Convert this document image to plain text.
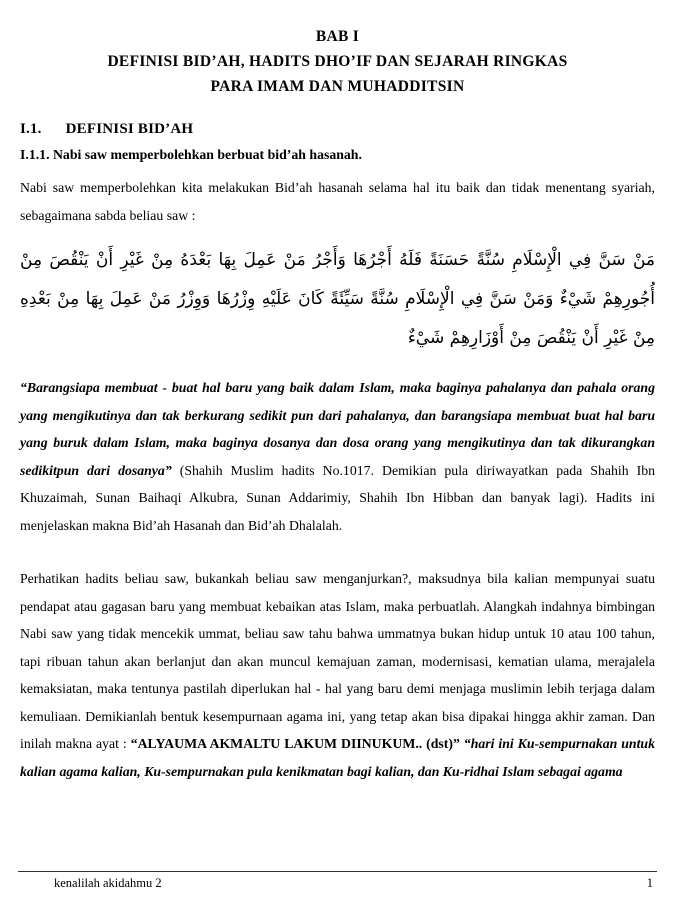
BAB I
DEFINISI BID’AH, HADITS DHO’IF DAN SEJARAH RINGKAS
PARA IMAM DAN MUHADDITSIN
I.1. DEFINISI BID’AH
I.1.1. Nabi saw memperbolehkan berbuat bid’ah hasanah.

Nabi saw memperbolehkan kita melakukan Bid’ah hasanah selama hal itu baik dan tidak menentang syariah, sebagaimana sabda beliau saw :

مَنْ سَنَّ فِي الْإِسْلَامِ سُنَّةً حَسَنَةً فَلَهُ أَجْرُهَا وَأَجْرُ مَنْ عَمِلَ بِهَا بَعْدَهُ مِنْ غَيْرِ أَنْ يَنْقُصَ مِنْ أُجُورِهِمْ شَيْءٌ وَمَنْ سَنَّ فِي الْإِسْلَامِ سُنَّةً سَيِّئَةً كَانَ عَلَيْهِ وِزْرُهَا وَوِزْرُ مَنْ عَمِلَ بِهَا مِنْ بَعْدِهِ مِنْ غَيْرِ أَنْ يَنْقُصَ مِنْ أَوْزَارِهِمْ شَيْءٌ

“Barangsiapa membuat - buat hal baru yang baik dalam Islam, maka baginya pahalanya dan pahala orang yang mengikutinya dan tak berkurang sedikit pun dari pahalanya, dan barangsiapa membuat buat hal baru yang buruk dalam Islam, maka baginya dosanya dan dosa orang yang mengikutinya dan tak dikurangkan sedikitpun dari dosanya” (Shahih Muslim hadits No.1017. Demikian pula diriwayatkan pada Shahih Ibn Khuzaimah, Sunan Baihaqi Alkubra, Sunan Addarimiy, Shahih Ibn Hibban dan banyak lagi). Hadits ini menjelaskan makna Bid’ah Hasanah dan Bid’ah Dhalalah.

Perhatikan hadits beliau saw, bukankah beliau saw menganjurkan?, maksudnya bila kalian mempunyai suatu pendapat atau gagasan baru yang membuat kebaikan atas Islam, maka perbuatlah. Alangkah indahnya bimbingan Nabi saw yang tidak mencekik ummat, beliau saw tahu bahwa ummatnya bukan hidup untuk 10 atau 100 tahun, tapi ribuan tahun akan berlanjut dan akan muncul kemajuan zaman, modernisasi, kematian ulama, merajalela kemaksiatan, maka tentunya pastilah diperlukan hal - hal yang baru demi menjaga muslimin lebih terjaga dalam kemuliaan. Demikianlah bentuk kesempurnaan agama ini, yang tetap akan bisa dipakai hingga akhir zaman. Dan inilah makna ayat : “ALYAUMA AKMALTU LAKUM DIINUKUM.. (dst)” “hari ini Ku-sempurnakan untuk kalian agama kalian, Ku-sempurnakan pula kenikmatan bagi kalian, dan Ku-ridhai Islam sebagai agama

kenalilah akidahmu 2	1
